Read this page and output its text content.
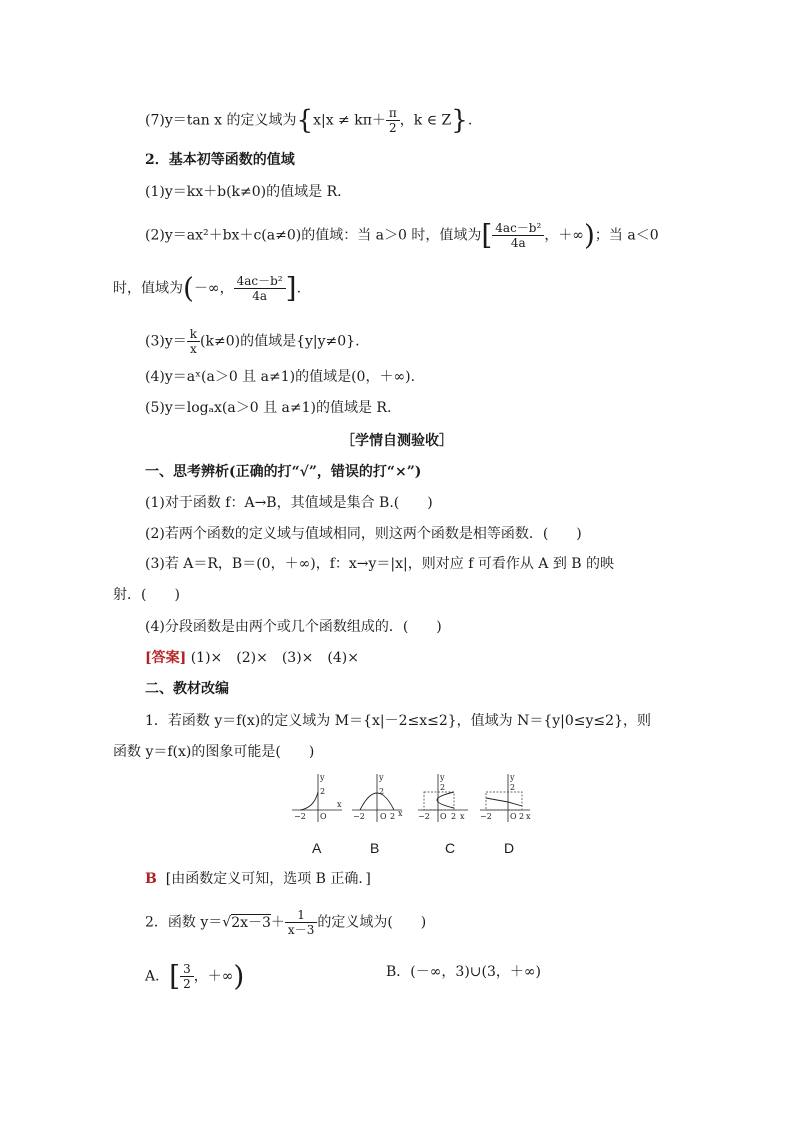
(7)y＝tan x 的定义域为{$x|x \ne k\pi+ \frac{\pi}{2}$ ，k ∈ Z}.
2．基本初等函数的值域
(1)y＝kx＋b(k≠0)的值域是 R.
(2)y＝ax²＋bx＋c(a≠0)的值域：当 a＞0 时，值域为[ $\frac{\text{4ac－b²}}{4a}$ ，＋∞)；当 a＜0
时，值域为(－∞， $\frac{\text{4ac－b²}}{4a}$ ].
$(3)y= \frac{k}{x} (k\ne 0)$的值域是{y|y≠0}.
(4)y＝aˣ(a＞0 且 a≠1)的值域是(0，＋∞).
(5)y＝logₐx(a＞0 且 a≠1)的值域是 R.
［学情自测验收］
一、思考辨析(正确的打“√”，错误的打“×”)
(1)对于函数 f：A→B，其值域是集合 B.(　　)
(2)若两个函数的定义域与值域相同，则这两个函数是相等函数．(　　)
(3)若 A＝R，B＝(0，＋∞)，f：x→y＝|x|，则对应 f 可看作从 A 到 B 的映
射．(　　)
(4)分段函数是由两个或几个函数组成的．(　　)
[答案] (1)×　(2)×　(3)×　(4)×
二、教材改编
1．若函数 y＝f(x)的定义域为 M＝{x|－2≤x≤2}，值域为 N＝{y|0≤y≤2}，则
函数 y＝f(x)的图象可能是(　　)
y
x
2
−2 O
y
x
2
−2 O 2
y
2
−2 O 2 x
y
2
−2 O 2 x
A	B	C	D
B [由函数定义可知，选项 B 正确．]
2．函数 $y=√2x-3+ \frac{1}{x-3}$ 的定义域为(　　)
A．[ $\frac{3}{2}$ ，＋∞)	B．(－∞，3)∪(3，＋∞)
